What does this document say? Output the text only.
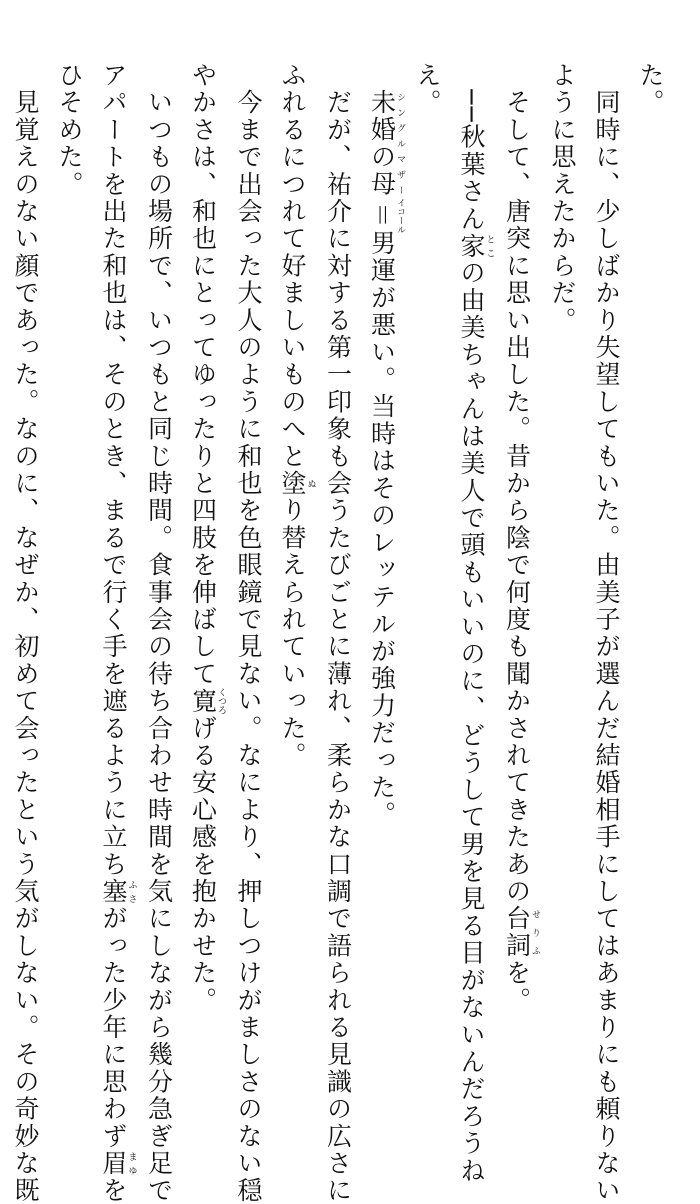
た。
　同時に、少しばかり失望してもいた。由美子が選んだ結婚相手にしてはあまりにも頼りない
ように思えたからだ。
　そして、唐突に思い出した。昔から陰で何度も聞かされてきたあの台詞せりふを。
　──秋葉さん家とこの由美ちゃんは美人で頭もいいのに、どうして男を見る目がないんだろうね
え。
　未婚の母シングルマザー＝イコール男運が悪い。当時はそのレッテルが強力だった。
　だが、祐介に対する第一印象も会うたびごとに薄れ、柔らかな口調で語られる見識の広さに
ふれるにつれて好ましいものへと塗ぬり替えられていった。
　今まで出会った大人のように和也を色眼鏡で見ない。なにより、押しつけがましさのない穏
やかさは、和也にとってゆったりと四肢を伸ばして寛くつろげる安心感を抱かせた。
　いつもの場所で、いつもと同じ時間。食事会の待ち合わせ時間を気にしながら幾分急ぎ足で
アパートを出た和也は、そのとき、まるで行く手を遮るように立ち塞ふさがった少年に思わず眉まゆを
ひそめた。
　見覚えのない顔であった。なのに、なぜか、初めて会ったという気がしない。その奇妙な既
